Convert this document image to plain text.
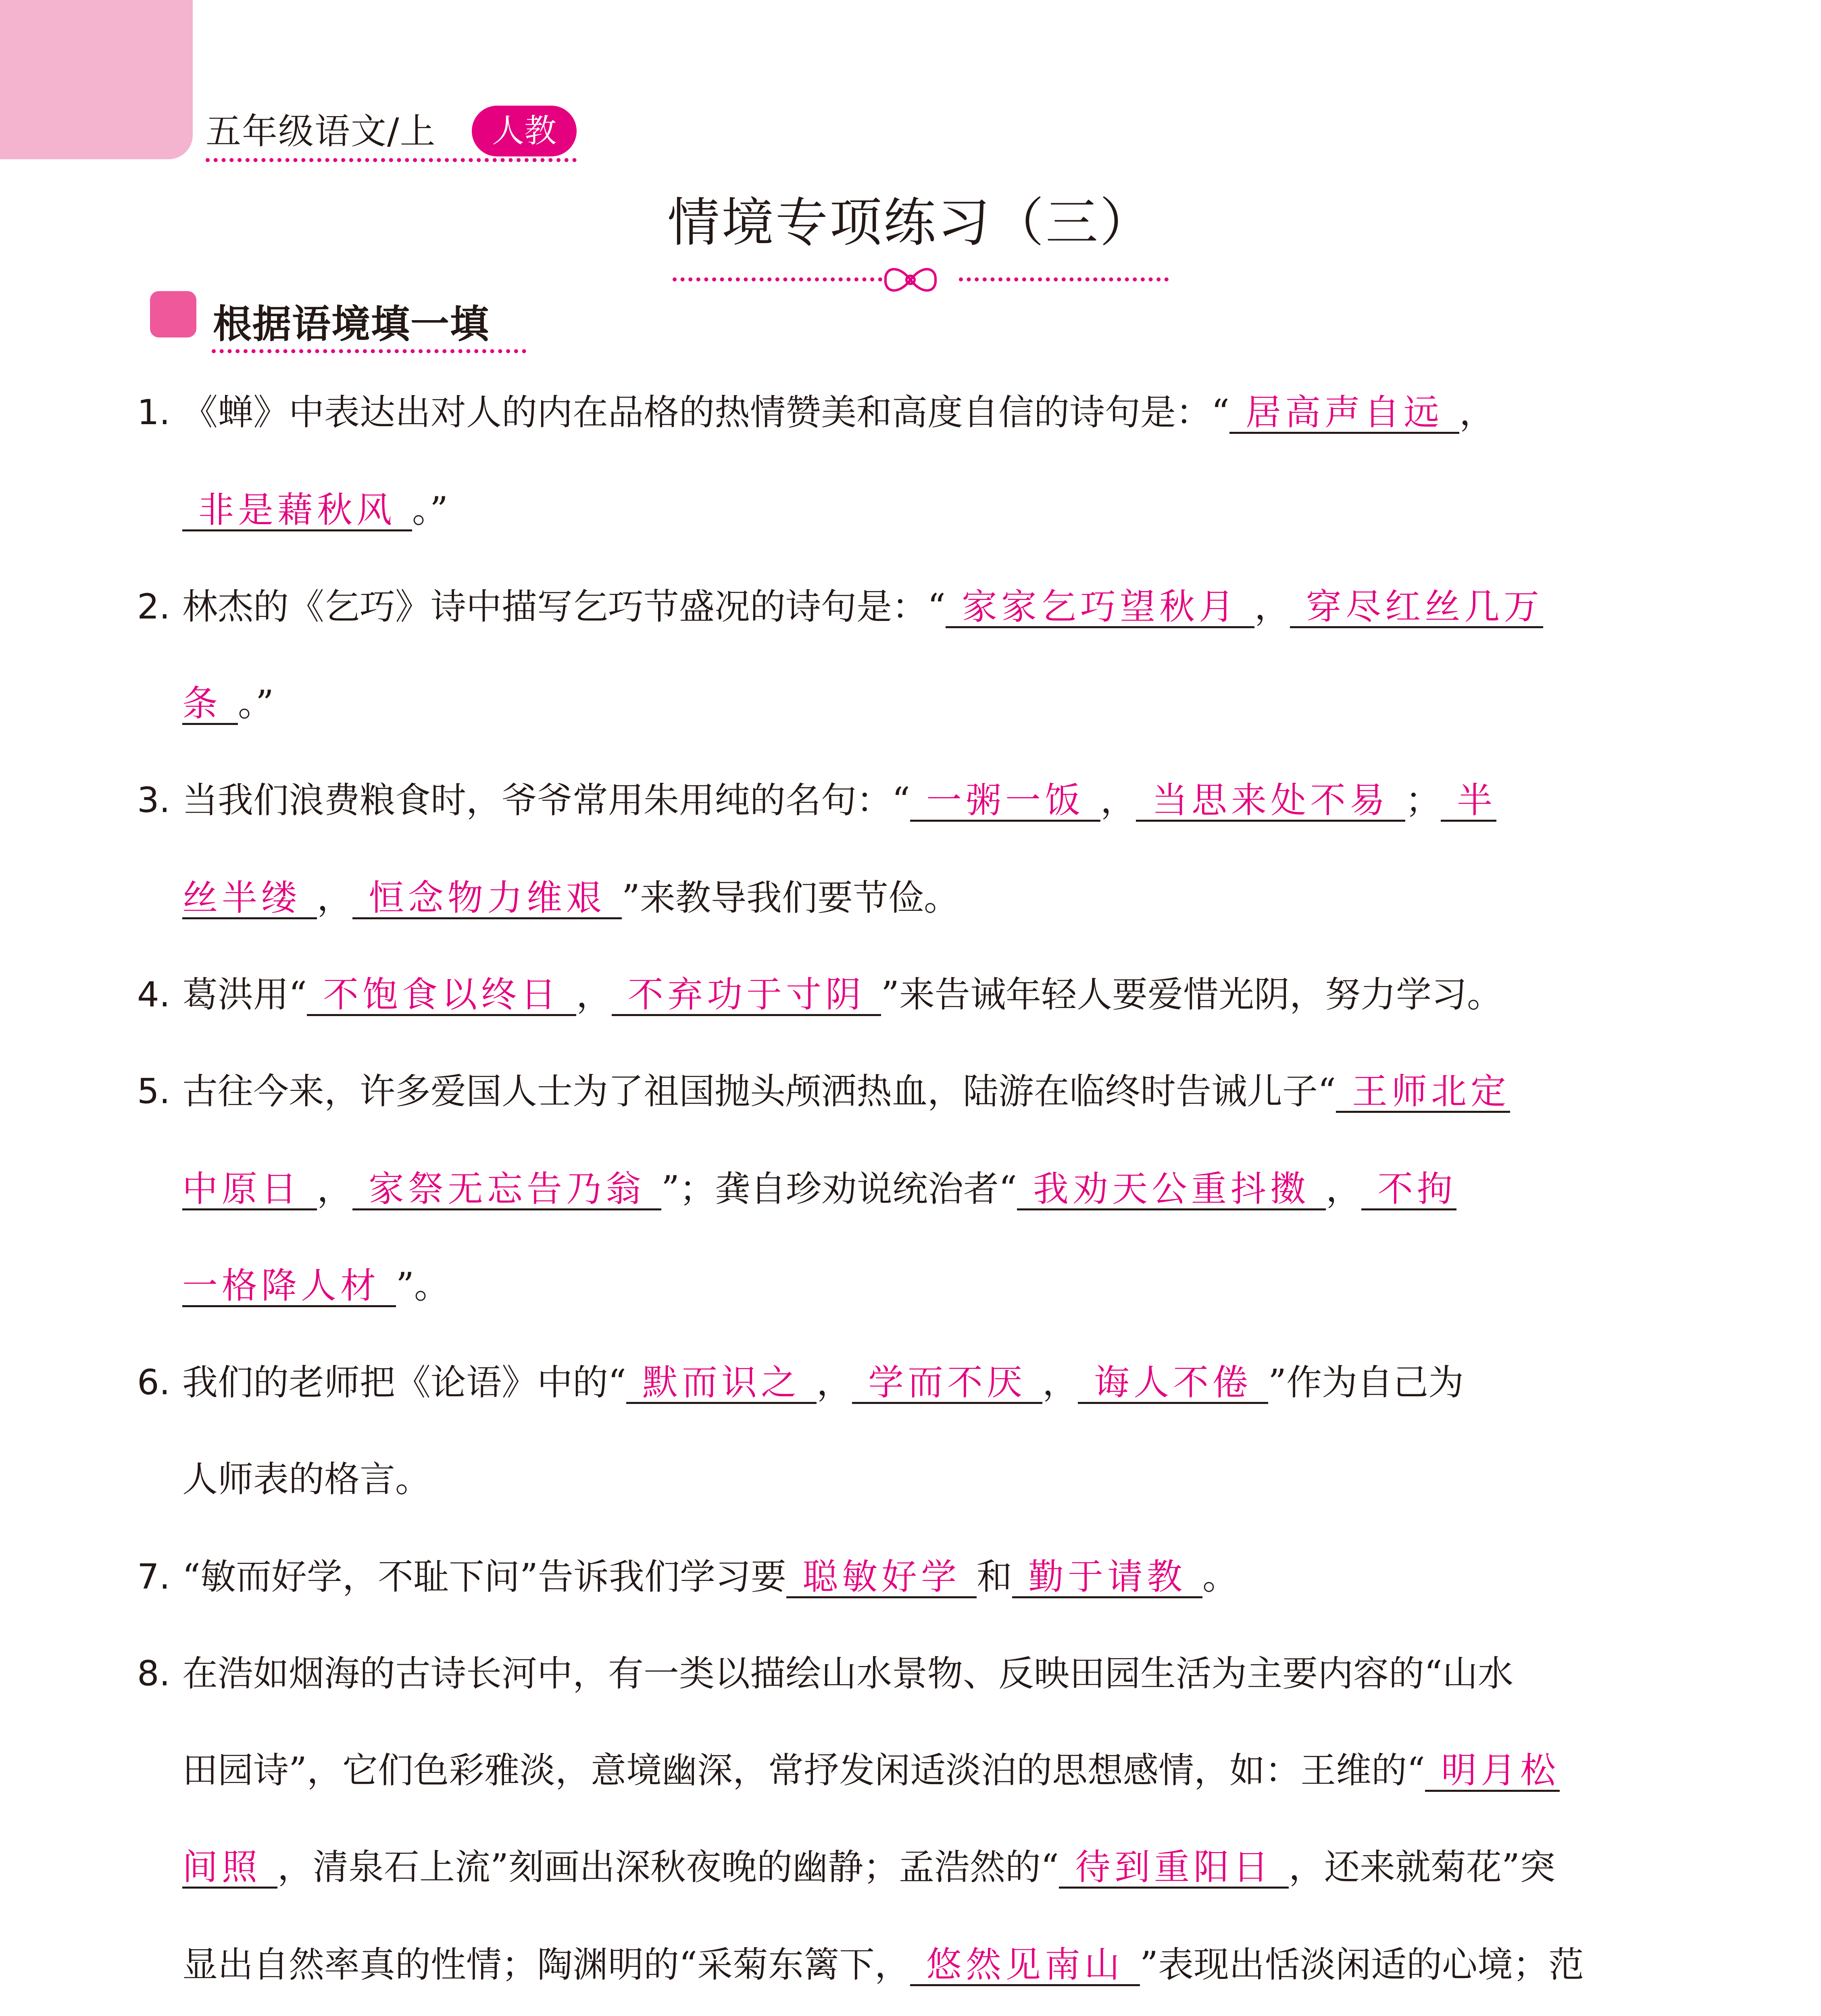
五年级语文/上	人教
情境专项练习（三）
根据语境填一填
1. 《蝉》中表达出对人的内在品格的热情赞美和高度自信的诗句是：“ 居高声自远 ，
非是藉秋风 。”
2. 林杰的《乞巧》诗中描写乞巧节盛况的诗句是：“ 家家乞巧望秋月 ， 穿尽红丝几万
条 。”
3. 当我们浪费粮食时，爷爷常用朱用纯的名句：“ 一粥一饭 ， 当思来处不易 ； 半
丝半缕 ， 恒念物力维艰 ”来教导我们要节俭。
4. 葛洪用“ 不饱食以终日 ， 不弃功于寸阴 ”来告诫年轻人要爱惜光阴，努力学习。
5. 古往今来，许多爱国人士为了祖国抛头颅洒热血，陆游在临终时告诫儿子“ 王师北定
中原日 ， 家祭无忘告乃翁 ”；龚自珍劝说统治者“ 我劝天公重抖擞 ， 不拘
一格降人材 ”。
6. 我们的老师把《论语》中的“ 默而识之 ， 学而不厌 ， 诲人不倦 ”作为自己为
人师表的格言。
7. “敏而好学，不耻下问”告诉我们学习要 聪敏好学 和 勤于请教 。
8. 在浩如烟海的古诗长河中，有一类以描绘山水景物、反映田园生活为主要内容的“山水
田园诗”，它们色彩雅淡，意境幽深，常抒发闲适淡泊的思想感情，如：王维的“ 明月松
间照 ，清泉石上流”刻画出深秋夜晚的幽静；孟浩然的“ 待到重阳日 ，还来就菊花”突
显出自然率真的性情；陶渊明的“采菊东篱下， 悠然见南山 ”表现出恬淡闲适的心境；范
